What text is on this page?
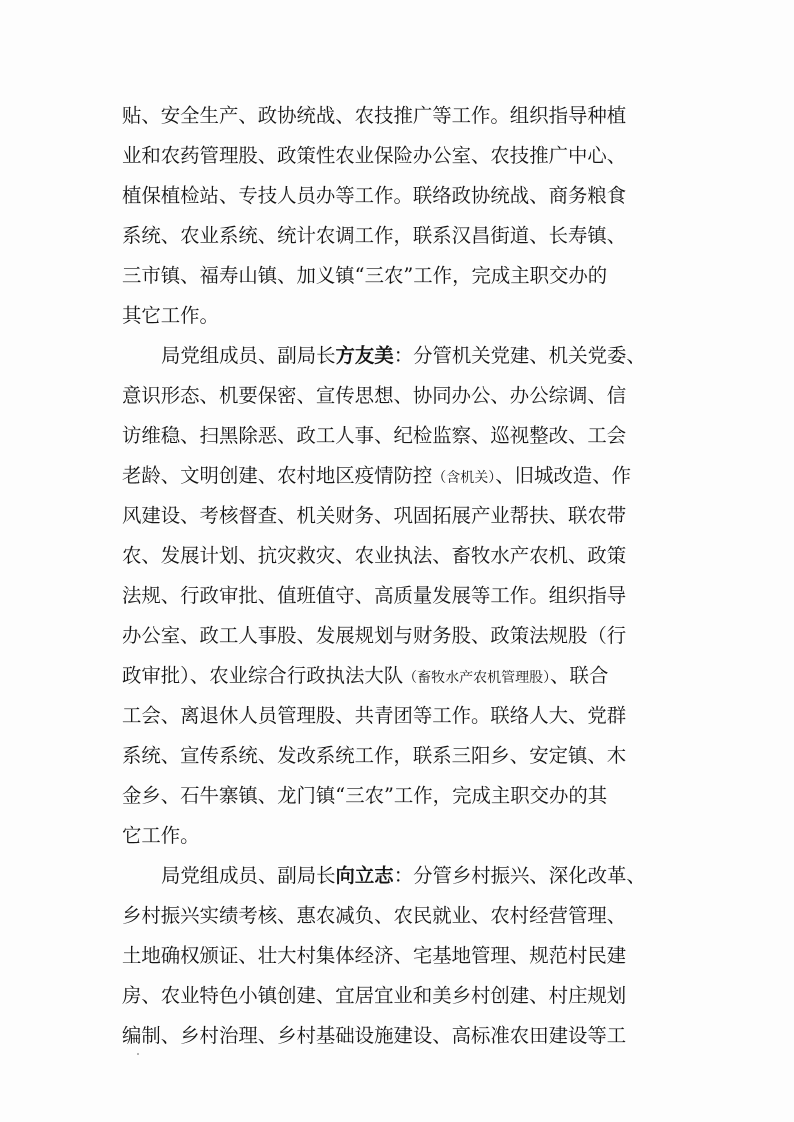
贴、安全生产、政协统战、农技推广等工作。组织指导种植
业和农药管理股、政策性农业保险办公室、农技推广中心、
植保植检站、专技人员办等工作。联络政协统战、商务粮食
系统、农业系统、统计农调工作，联系汉昌街道、长寿镇、
三市镇、福寿山镇、加义镇“三农”工作，完成主职交办的
其它工作。
局党组成员、副局长方友美：分管机关党建、机关党委、
意识形态、机要保密、宣传思想、协同办公、办公综调、信
访维稳、扫黑除恶、政工人事、纪检监察、巡视整改、工会
老龄、文明创建、农村地区疫情防控（含机关）、旧城改造、作
风建设、考核督查、机关财务、巩固拓展产业帮扶、联农带
农、发展计划、抗灾救灾、农业执法、畜牧水产农机、政策
法规、行政审批、值班值守、高质量发展等工作。组织指导
办公室、政工人事股、发展规划与财务股、政策法规股（行
政审批）、农业综合行政执法大队（畜牧水产农机管理股）、联合
工会、离退休人员管理股、共青团等工作。联络人大、党群
系统、宣传系统、发改系统工作，联系三阳乡、安定镇、木
金乡、石牛寨镇、龙门镇“三农”工作，完成主职交办的其
它工作。
局党组成员、副局长向立志：分管乡村振兴、深化改革、
乡村振兴实绩考核、惠农减负、农民就业、农村经营管理、
土地确权颁证、壮大村集体经济、宅基地管理、规范村民建
房、农业特色小镇创建、宜居宜业和美乡村创建、村庄规划
编制、乡村治理、乡村基础设施建设、高标准农田建设等工
